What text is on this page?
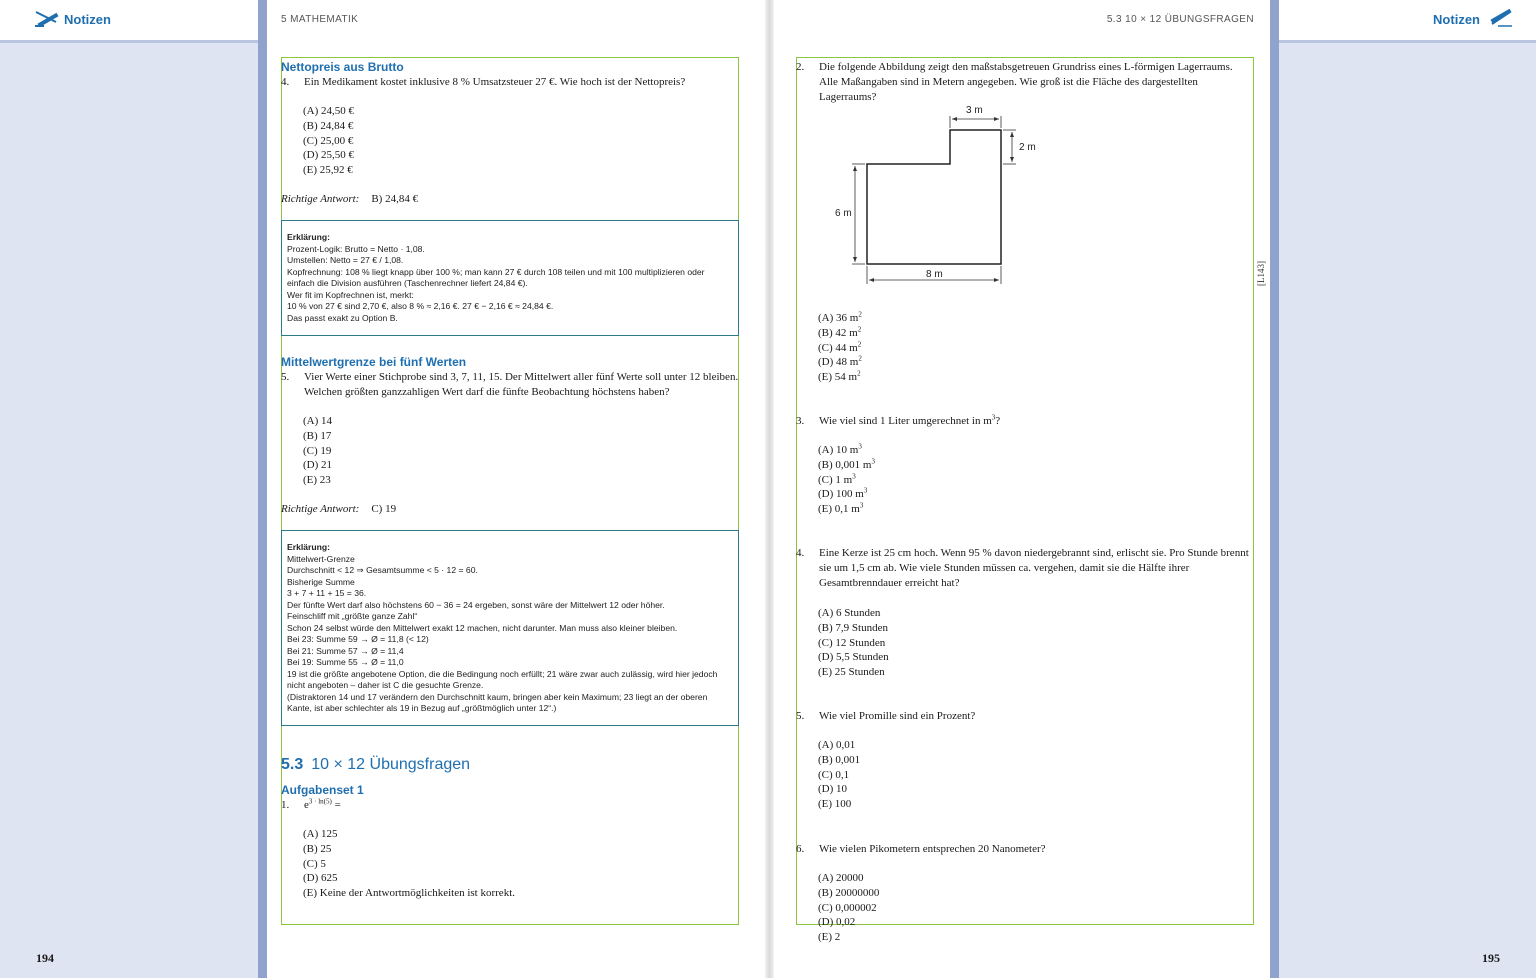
Notizen
194
5 MATHEMATIK
Nettopreis aus Brutto
4. Ein Medikament kostet inklusive 8 % Umsatzsteuer 27 €. Wie hoch ist der Nettopreis?
(A) 24,50 €
(B) 24,84 €
(C) 25,00 €
(D) 25,50 €
(E) 25,92 €
Richtige Antwort: B) 24,84 €
Erklärung:
Prozent-Logik: Brutto = Netto · 1,08.
Umstellen: Netto = 27 € / 1,08.
Kopfrechnung: 108 % liegt knapp über 100 %; man kann 27 € durch 108 teilen und mit 100 multiplizieren oder einfach die Division ausführen (Taschenrechner liefert 24,84 €).
Wer fit im Kopfrechnen ist, merkt:
10 % von 27 € sind 2,70 €, also 8 % ≈ 2,16 €. 27 € − 2,16 € ≈ 24,84 €.
Das passt exakt zu Option B.
Mittelwertgrenze bei fünf Werten
5. Vier Werte einer Stichprobe sind 3, 7, 11, 15. Der Mittelwert aller fünf Werte soll unter 12 bleiben. Welchen größten ganzzahligen Wert darf die fünfte Beobachtung höchstens haben?
(A) 14
(B) 17
(C) 19
(D) 21
(E) 23
Richtige Antwort: C) 19
Erklärung:
Mittelwert-Grenze
Durchschnitt < 12 ⇒ Gesamtsumme < 5 · 12 = 60.
Bisherige Summe
3 + 7 + 11 + 15 = 36.
Der fünfte Wert darf also höchstens 60 − 36 = 24 ergeben, sonst wäre der Mittelwert 12 oder höher.
Feinschliff mit „größte ganze Zahl“
Schon 24 selbst würde den Mittelwert exakt 12 machen, nicht darunter. Man muss also kleiner bleiben.
Bei 23: Summe 59 → Ø = 11,8 (< 12)
Bei 21: Summe 57 → Ø = 11,4
Bei 19: Summe 55 → Ø = 11,0
19 ist die größte angebotene Option, die die Bedingung noch erfüllt; 21 wäre zwar auch zulässig, wird hier jedoch nicht angeboten – daher ist C die gesuchte Grenze.
(Distraktoren 14 und 17 verändern den Durchschnitt kaum, bringen aber kein Maximum; 23 liegt an der oberen Kante, ist aber schlechter als 19 in Bezug auf „größtmöglich unter 12“.)
5.3 10 × 12 Übungsfragen
Aufgabenset 1
1. $e^{3 \cdot ln(5)}$ =
(A) 125
(B) 25
(C) 5
(D) 625
(E) Keine der Antwortmöglichkeiten ist korrekt.
5.3 10 × 12 ÜBUNGSFRAGEN
2. Die folgende Abbildung zeigt den maßstabsgetreuen Grundriss eines L-förmigen Lagerraums. Alle Maßangaben sind in Metern angegeben. Wie groß ist die Fläche des dargestellten Lagerraums?
3 m
2 m
6 m
8 m
(A) 36 $m^2$
(B) 42 $m^2$
(C) 44 $m^2$
(D) 48 $m^2$
(E) 54 $m^2$
3. Wie viel sind 1 Liter umgerechnet in $m^3$?
(A) 10 $m^3$
(B) 0,001 $m^3$
(C) 1 $m^3$
(D) 100 $m^3$
(E) 0,1 $m^3$
4. Eine Kerze ist 25 cm hoch. Wenn 95 % davon niedergebrannt sind, erlischt sie. Pro Stunde brennt sie um 1,5 cm ab. Wie viele Stunden müssen ca. vergehen, damit sie die Hälfte ihrer Gesamtbrenndauer erreicht hat?
(A) 6 Stunden
(B) 7,9 Stunden
(C) 12 Stunden
(D) 5,5 Stunden
(E) 25 Stunden
5. Wie viel Promille sind ein Prozent?
(A) 0,01
(B) 0,001
(C) 0,1
(D) 10
(E) 100
6. Wie vielen Pikometern entsprechen 20 Nanometer?
(A) 20000
(B) 20000000
(C) 0,000002
(D) 0,02
(E) 2
[L143]
Notizen
195
